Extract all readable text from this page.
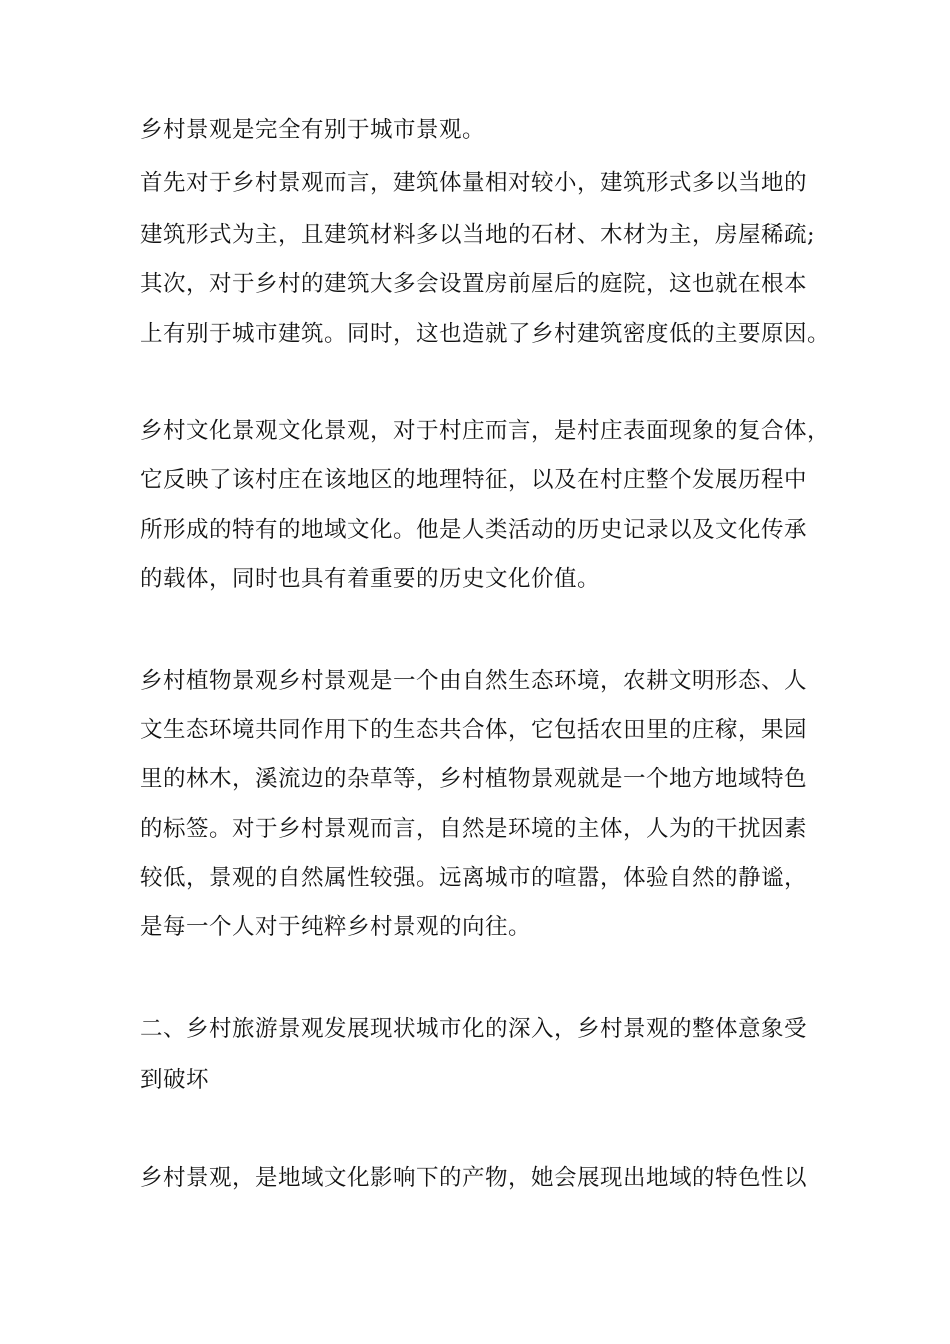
乡村景观是完全有别于城市景观。
首先对于乡村景观而言，建筑体量相对较小，建筑形式多以当地的
建筑形式为主，且建筑材料多以当地的石材、木材为主，房屋稀疏;
其次，对于乡村的建筑大多会设置房前屋后的庭院，这也就在根本
上有别于城市建筑。同时，这也造就了乡村建筑密度低的主要原因。
乡村文化景观文化景观，对于村庄而言，是村庄表面现象的复合体，
它反映了该村庄在该地区的地理特征，以及在村庄整个发展历程中
所形成的特有的地域文化。他是人类活动的历史记录以及文化传承
的载体，同时也具有着重要的历史文化价值。
乡村植物景观乡村景观是一个由自然生态环境，农耕文明形态、人
文生态环境共同作用下的生态共合体，它包括农田里的庄稼，果园
里的林木，溪流边的杂草等，乡村植物景观就是一个地方地域特色
的标签。对于乡村景观而言，自然是环境的主体，人为的干扰因素
较低，景观的自然属性较强。远离城市的喧嚣，体验自然的静谧，
是每一个人对于纯粹乡村景观的向往。
二、乡村旅游景观发展现状城市化的深入，乡村景观的整体意象受
到破坏
乡村景观，是地域文化影响下的产物，她会展现出地域的特色性以
